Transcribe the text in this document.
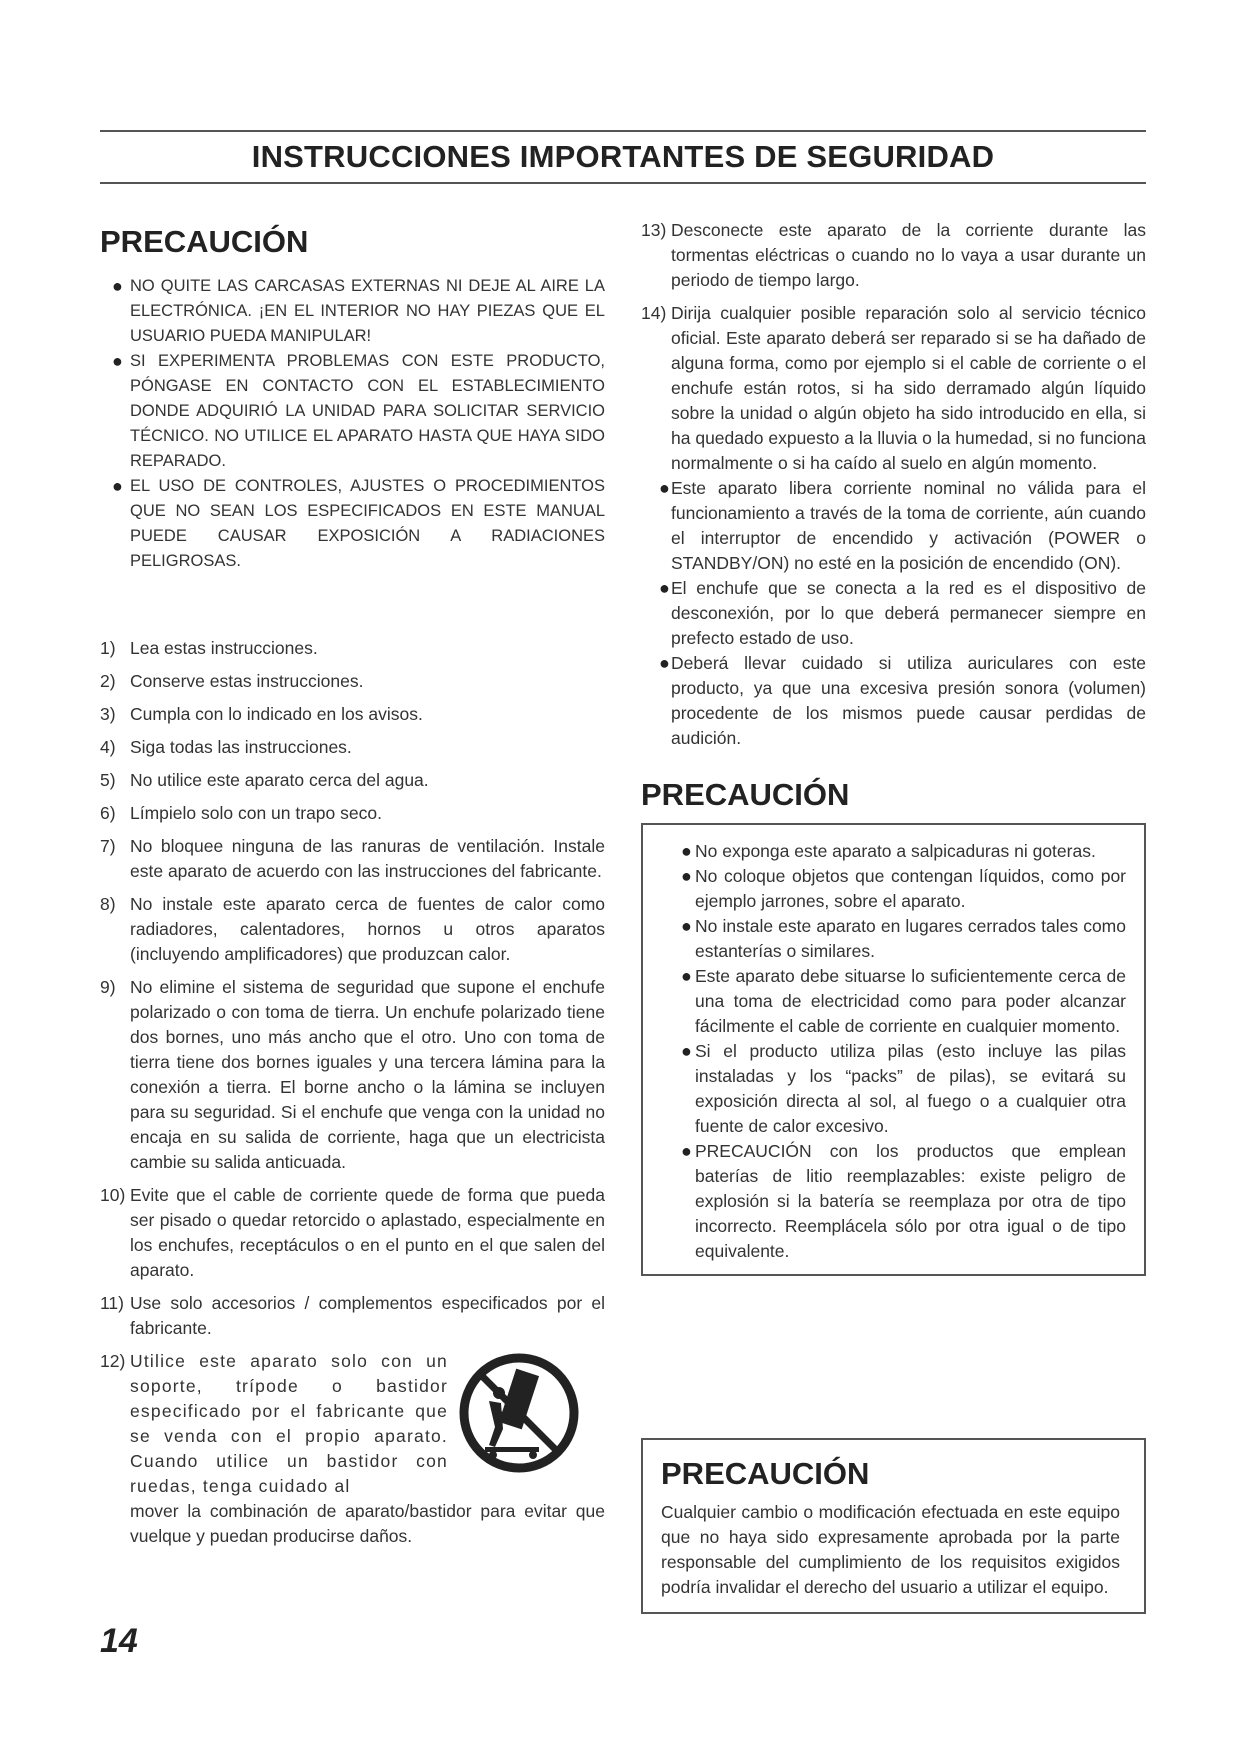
INSTRUCCIONES IMPORTANTES DE SEGURIDAD
PRECAUCIÓN
● NO QUITE LAS CARCASAS EXTERNAS NI DEJE AL AIRE LA ELECTRÓNICA. ¡EN EL INTERIOR NO HAY PIEZAS QUE EL USUARIO PUEDA MANIPULAR!
● SI EXPERIMENTA PROBLEMAS CON ESTE PRODUCTO, PÓNGASE EN CONTACTO CON EL ESTABLECIMIENTO DONDE ADQUIRIÓ LA UNIDAD PARA SOLICITAR SERVICIO TÉCNICO. NO UTILICE EL APARATO HASTA QUE HAYA SIDO REPARADO.
● EL USO DE CONTROLES, AJUSTES O PROCEDIMIENTOS QUE NO SEAN LOS ESPECIFICADOS EN ESTE MANUAL PUEDE CAUSAR EXPOSICIÓN A RADIACIONES PELIGROSAS.
1) Lea estas instrucciones.
2) Conserve estas instrucciones.
3) Cumpla con lo indicado en los avisos.
4) Siga todas las instrucciones.
5) No utilice este aparato cerca del agua.
6) Límpielo solo con un trapo seco.
7) No bloquee ninguna de las ranuras de ventilación. Instale este aparato de acuerdo con las instrucciones del fabricante.
8) No instale este aparato cerca de fuentes de calor como radiadores, calentadores, hornos u otros aparatos (incluyendo amplificadores) que produzcan calor.
9) No elimine el sistema de seguridad que supone el enchufe polarizado o con toma de tierra. Un enchufe polarizado tiene dos bornes, uno más ancho que el otro. Uno con toma de tierra tiene dos bornes iguales y una tercera lámina para la conexión a tierra. El borne ancho o la lámina se incluyen para su seguridad. Si el enchufe que venga con la unidad no encaja en su salida de corriente, haga que un electricista cambie su salida anticuada.
10) Evite que el cable de corriente quede de forma que pueda ser pisado o quedar retorcido o aplastado, especialmente en los enchufes, receptáculos o en el punto en el que salen del aparato.
11) Use solo accesorios / complementos especificados por el fabricante.
12) Utilice este aparato solo con un soporte, trípode o bastidor especificado por el fabricante que se venda con el propio aparato. Cuando utilice un bastidor con ruedas, tenga cuidado al
mover la combinación de aparato/bastidor para evitar que vuelque y puedan producirse daños.
13) Desconecte este aparato de la corriente durante las tormentas eléctricas o cuando no lo vaya a usar durante un periodo de tiempo largo.
14) Dirija cualquier posible reparación solo al servicio técnico oficial. Este aparato deberá ser reparado si se ha dañado de alguna forma, como por ejemplo si el cable de corriente o el enchufe están rotos, si ha sido derramado algún líquido sobre la unidad o algún objeto ha sido introducido en ella, si ha quedado expuesto a la lluvia o la humedad, si no funciona normalmente o si ha caído al suelo en algún momento.
● Este aparato libera corriente nominal no válida para el funcionamiento a través de la toma de corriente, aún cuando el interruptor de encendido y activación (POWER o STANDBY/ON) no esté en la posición de encendido (ON).
● El enchufe que se conecta a la red es el dispositivo de desconexión, por lo que deberá permanecer siempre en prefecto estado de uso.
● Deberá llevar cuidado si utiliza auriculares con este producto, ya que una excesiva presión sonora (volumen) procedente de los mismos puede causar perdidas de audición.
PRECAUCIÓN
● No exponga este aparato a salpicaduras ni goteras.
● No coloque objetos que contengan líquidos, como por ejemplo jarrones, sobre el aparato.
● No instale este aparato en lugares cerrados tales como estanterías o similares.
● Este aparato debe situarse lo suficientemente cerca de una toma de electricidad como para poder alcanzar fácilmente el cable de corriente en cualquier momento.
● Si el producto utiliza pilas (esto incluye las pilas instaladas y los “packs” de pilas), se evitará su exposición directa al sol, al fuego o a cualquier otra fuente de calor excesivo.
● PRECAUCIÓN con los productos que emplean baterías de litio reemplazables: existe peligro de explosión si la batería se reemplaza por otra de tipo incorrecto. Reemplácela sólo por otra igual o de tipo equivalente.
PRECAUCIÓN

Cualquier cambio o modificación efectuada en este equipo que no haya sido expresamente aprobada por la parte responsable del cumplimiento de los requisitos exigidos podría invalidar el derecho del usuario a utilizar el equipo.

14
